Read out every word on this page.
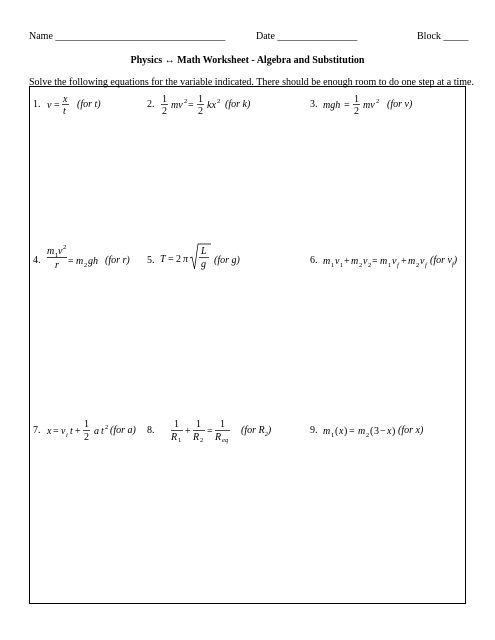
Name __________________________________	Date ________________	Block _____
Physics ↔ Math Worksheet - Algebra and Substitution
Solve the following equations for the variable indicated. There should be enough room to do one step at a time.
1. v =
x
t
(for t)	2. 1
2
mv 2 =
1
2
kx 2 (for k)	3. mgh =
1
2
mv 2 (for v)
4.
m 1 v 2
r = m 2 gh (for r) 5. T = 2 π
L
g (for g)	6. m 1 v 1 + m 2 v 2 = m 1 v f + m 2 v f (for $v_f$)
7. x = v i t +
1
2
a t 2 (for a) 8.
1
R 1
+
1
R 2
=
1
R eq
(for $R_2$)	9. m 1 ( x ) = m 2 ( 3 − x ) (for x)
